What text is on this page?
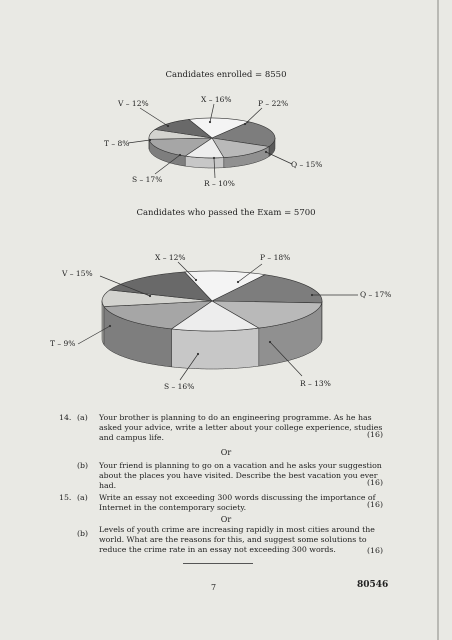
Candidates enrolled = 8550
V – 12%	X – 16%	P – 22%
T – 8%
Q – 15%
S – 17%	R – 10%
Candidates who passed the Exam = 5700
X – 12%	P – 18%
V – 15%
Q – 17%
T – 9%
S – 16%	R – 13%
14. (a) Your brother is planning to do an engineering programme. As he has
asked your advice, write a letter about your college experience, studies
and campus life.	(16)
Or
(b) Your friend is planning to go on a vacation and he asks your suggestion
about the places you have visited. Describe the best vacation you ever
had.	(16)
15. (a) Write an essay not exceeding 300 words discussing the importance of
Internet in the contemporary society.	(16)
Or
(b) Levels of youth crime are increasing rapidly in most cities around the
world. What are the reasons for this, and suggest some solutions to
reduce the crime rate in an essay not exceeding 300 words.	(16)
7	80546
